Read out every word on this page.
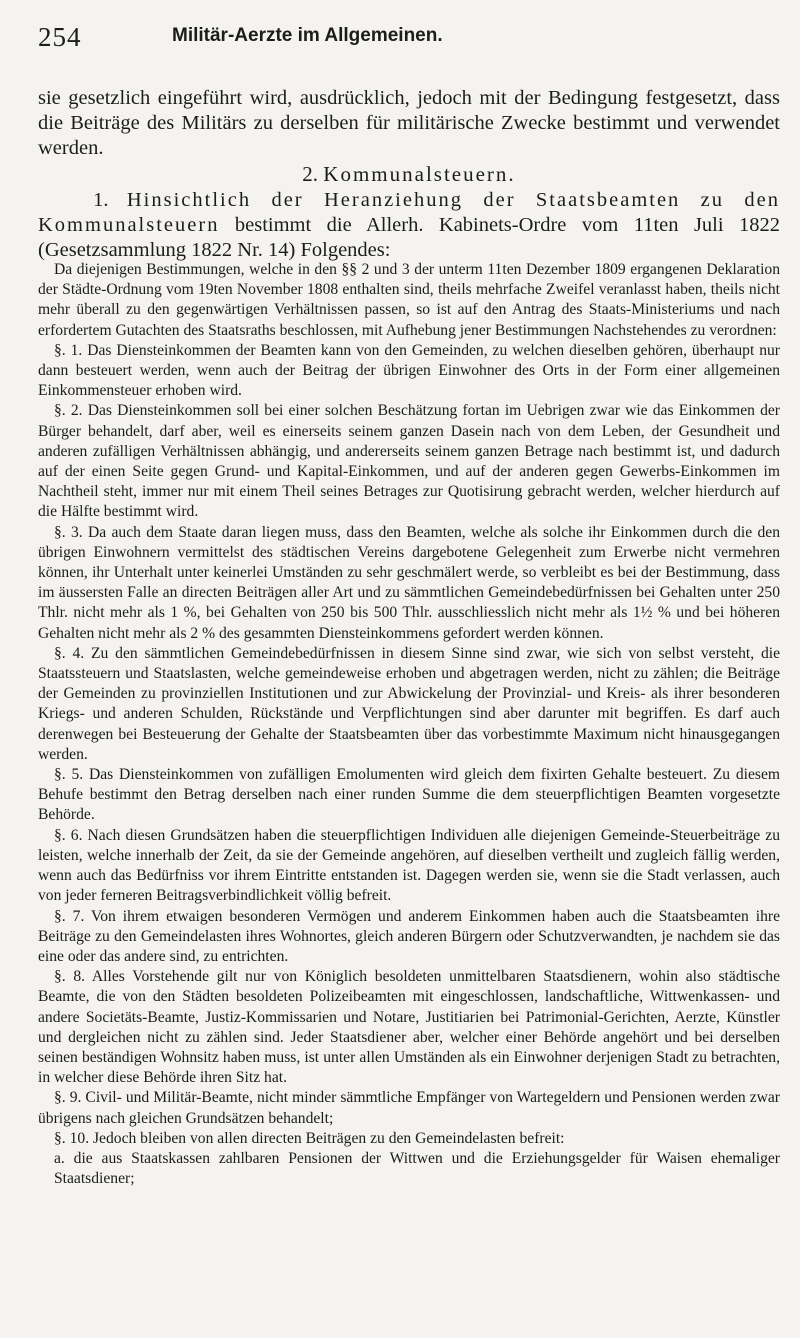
254	Militär-Aerzte im Allgemeinen.
sie gesetzlich eingeführt wird, ausdrücklich, jedoch mit der Bedingung festgesetzt, dass die Beiträge des Militärs zu derselben für militärische Zwecke bestimmt und verwendet werden.
2. Kommunalsteuern.
1. Hinsichtlich der Heranziehung der Staatsbeamten zu den Kommunalsteuern bestimmt die Allerh. Kabinets-Ordre vom 11ten Juli 1822 (Gesetzsammlung 1822 Nr. 14) Folgendes:

Da diejenigen Bestimmungen, welche in den §§ 2 und 3 der unterm 11ten Dezember 1809 ergangenen Deklaration der Städte-Ordnung vom 19ten November 1808 enthalten sind, theils mehrfache Zweifel veranlasst haben, theils nicht mehr überall zu den gegenwärtigen Verhältnissen passen, so ist auf den Antrag des Staats-Ministeriums und nach erfordertem Gutachten des Staatsraths beschlossen, mit Aufhebung jener Bestimmungen Nachstehendes zu verordnen:

§. 1. Das Diensteinkommen der Beamten kann von den Gemeinden, zu welchen dieselben gehören, überhaupt nur dann besteuert werden, wenn auch der Beitrag der übrigen Einwohner des Orts in der Form einer allgemeinen Einkommensteuer erhoben wird.

§. 2. Das Diensteinkommen soll bei einer solchen Beschätzung fortan im Uebrigen zwar wie das Einkommen der Bürger behandelt, darf aber, weil es einerseits seinem ganzen Dasein nach von dem Leben, der Gesundheit und anderen zufälligen Verhältnissen abhängig, und andererseits seinem ganzen Betrage nach bestimmt ist, und dadurch auf der einen Seite gegen Grund- und Kapital-Einkommen, und auf der anderen gegen Gewerbs-Einkommen im Nachtheil steht, immer nur mit einem Theil seines Betrages zur Quotisirung gebracht werden, welcher hierdurch auf die Hälfte bestimmt wird.

§. 3. Da auch dem Staate daran liegen muss, dass den Beamten, welche als solche ihr Einkommen durch die den übrigen Einwohnern vermittelst des städtischen Vereins dargebotene Gelegenheit zum Erwerbe nicht vermehren können, ihr Unterhalt unter keinerlei Umständen zu sehr geschmälert werde, so verbleibt es bei der Bestimmung, dass im äussersten Falle an directen Beiträgen aller Art und zu sämmtlichen Gemeindebedürfnissen bei Gehalten unter 250 Thlr. nicht mehr als 1 %, bei Gehalten von 250 bis 500 Thlr. ausschliesslich nicht mehr als 1½ % und bei höheren Gehalten nicht mehr als 2 % des gesammten Diensteinkommens gefordert werden können.

§. 4. Zu den sämmtlichen Gemeindebedürfnissen in diesem Sinne sind zwar, wie sich von selbst versteht, die Staatssteuern und Staatslasten, welche gemeindeweise erhoben und abgetragen werden, nicht zu zählen; die Beiträge der Gemeinden zu provinziellen Institutionen und zur Abwickelung der Provinzial- und Kreis- als ihrer besonderen Kriegs- und anderen Schulden, Rückstände und Verpflichtungen sind aber darunter mit begriffen. Es darf auch derenwegen bei Besteuerung der Gehalte der Staatsbeamten über das vorbestimmte Maximum nicht hinausgegangen werden.

§. 5. Das Diensteinkommen von zufälligen Emolumenten wird gleich dem fixirten Gehalte besteuert. Zu diesem Behufe bestimmt den Betrag derselben nach einer runden Summe die dem steuerpflichtigen Beamten vorgesetzte Behörde.

§. 6. Nach diesen Grundsätzen haben die steuerpflichtigen Individuen alle diejenigen Gemeinde-Steuerbeiträge zu leisten, welche innerhalb der Zeit, da sie der Gemeinde angehören, auf dieselben vertheilt und zugleich fällig werden, wenn auch das Bedürfniss vor ihrem Eintritte entstanden ist. Dagegen werden sie, wenn sie die Stadt verlassen, auch von jeder ferneren Beitragsverbindlichkeit völlig befreit.

§. 7. Von ihrem etwaigen besonderen Vermögen und anderem Einkommen haben auch die Staatsbeamten ihre Beiträge zu den Gemeindelasten ihres Wohnortes, gleich anderen Bürgern oder Schutzverwandten, je nachdem sie das eine oder das andere sind, zu entrichten.

§. 8. Alles Vorstehende gilt nur von Königlich besoldeten unmittelbaren Staatsdienern, wohin also städtische Beamte, die von den Städten besoldeten Polizeibeamten mit eingeschlossen, landschaftliche, Wittwenkassen- und andere Societäts-Beamte, Justiz-Kommissarien und Notare, Justitiarien bei Patrimonial-Gerichten, Aerzte, Künstler und dergleichen nicht zu zählen sind. Jeder Staatsdiener aber, welcher einer Behörde angehört und bei derselben seinen beständigen Wohnsitz haben muss, ist unter allen Umständen als ein Einwohner derjenigen Stadt zu betrachten, in welcher diese Behörde ihren Sitz hat.

§. 9. Civil- und Militär-Beamte, nicht minder sämmtliche Empfänger von Wartegeldern und Pensionen werden zwar übrigens nach gleichen Grundsätzen behandelt;

§. 10. Jedoch bleiben von allen directen Beiträgen zu den Gemeindelasten befreit:

a. die aus Staatskassen zahlbaren Pensionen der Wittwen und die Erziehungsgelder für Waisen ehemaliger Staatsdiener;
